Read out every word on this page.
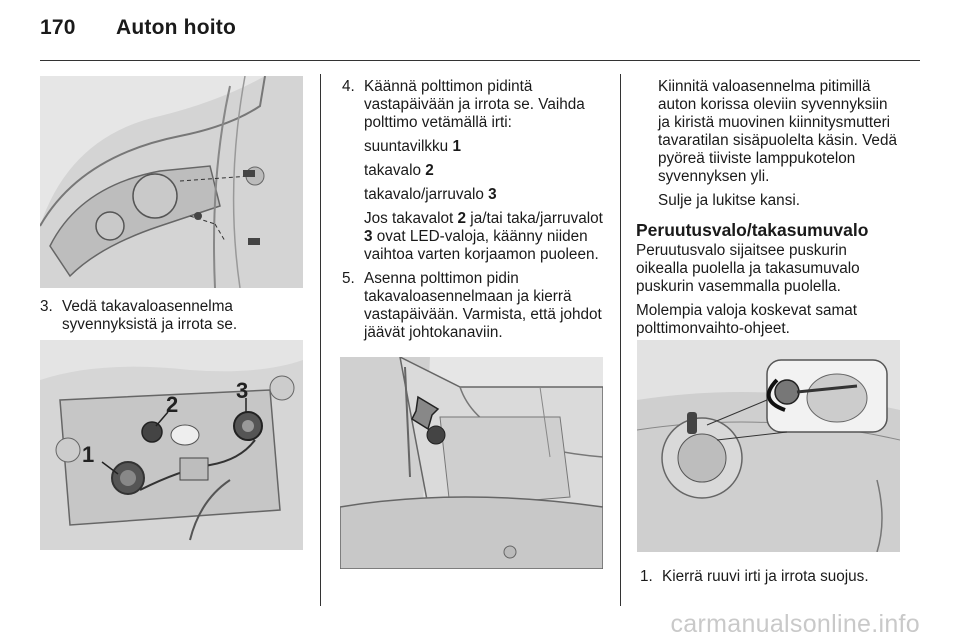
170 Auton hoito
3. Vedä takavaloasennelma syvennyksistä ja irrota se.
1
2
3
4. Käännä polttimon pidintä vastapäivään ja irrota se. Vaihda polttimo vetämällä irti:

suuntavilkku 1

takavalo 2

takavalo/jarruvalo 3

Jos takavalot 2 ja/tai taka/jarruvalot 3 ovat LED-valoja, käänny niiden vaihtoa varten korjaamon puoleen.

5. Asenna polttimon pidin takavaloasennelmaan ja kierrä vastapäivään. Varmista, että johdot jäävät johtokanaviin.

Kiinnitä valoasennelma pitimillä auton korissa oleviin syvennyksiin ja kiristä muovinen kiinnitysmutteri tavaratilan sisäpuolelta käsin. Vedä pyöreä tiiviste lamppukotelon syvennyksen yli.

Sulje ja lukitse kansi.

Peruutusvalo/takasumuvalo

Peruutusvalo sijaitsee puskurin oikealla puolella ja takasumuvalo puskurin vasemmalla puolella.

Molempia valoja koskevat samat polttimonvaihto-ohjeet.

1. Kierrä ruuvi irti ja irrota suojus.
carmanualsonline.info
